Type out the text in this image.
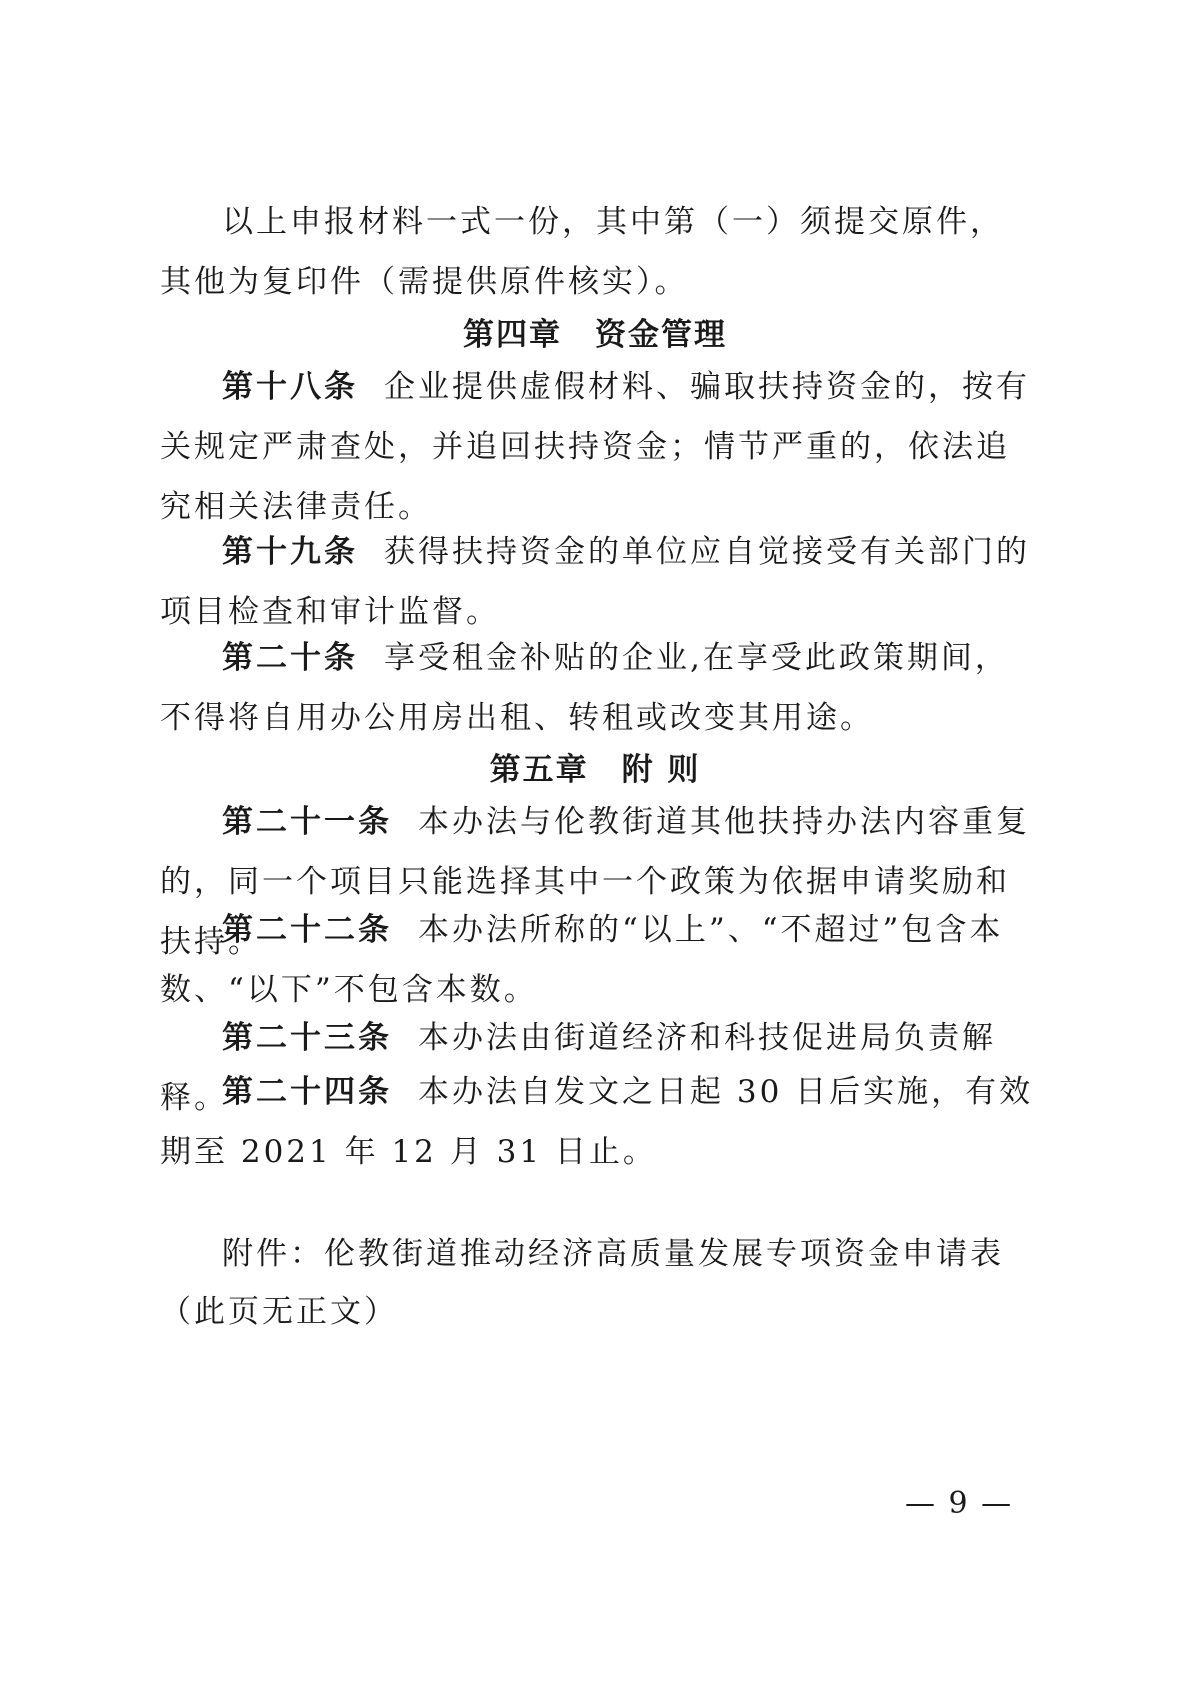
以上申报材料一式一份，其中第（一）须提交原件，其他为复印件（需提供原件核实）。

第四章　资金管理

第十八条 企业提供虚假材料、骗取扶持资金的，按有关规定严肃查处，并追回扶持资金；情节严重的，依法追究相关法律责任。

第十九条 获得扶持资金的单位应自觉接受有关部门的项目检查和审计监督。

第二十条 享受租金补贴的企业,在享受此政策期间，不得将自用办公用房出租、转租或改变其用途。

第五章　附 则

第二十一条 本办法与伦教街道其他扶持办法内容重复的，同一个项目只能选择其中一个政策为依据申请奖励和扶持。

第二十二条 本办法所称的“以上”、“不超过”包含本数、“以下”不包含本数。

第二十三条 本办法由街道经济和科技促进局负责解释。

第二十四条 本办法自发文之日起 30 日后实施，有效期至 2021 年 12 月 31 日止。

附件：伦教街道推动经济高质量发展专项资金申请表

（此页无正文）

— 9 —
